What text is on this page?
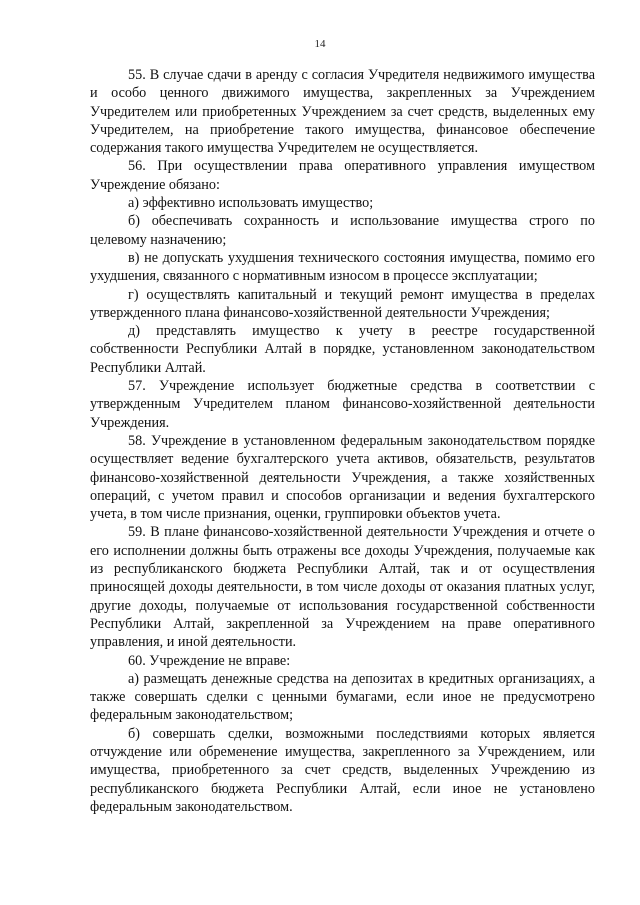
14

55. В случае сдачи в аренду с согласия Учредителя недвижимого имущества и особо ценного движимого имущества, закрепленных за Учреждением Учредителем или приобретенных Учреждением за счет средств, выделенных ему Учредителем, на приобретение такого имущества, финансовое обеспечение содержания такого имущества Учредителем не осуществляется.

56. При осуществлении права оперативного управления имуществом Учреждение обязано:

а) эффективно использовать имущество;

б) обеспечивать сохранность и использование имущества строго по целевому назначению;

в) не допускать ухудшения технического состояния имущества, помимо его ухудшения, связанного с нормативным износом в процессе эксплуатации;

г) осуществлять капитальный и текущий ремонт имущества в пределах утвержденного плана финансово-хозяйственной деятельности Учреждения;

д) представлять имущество к учету в реестре государственной собственности Республики Алтай в порядке, установленном законодательством Республики Алтай.

57. Учреждение использует бюджетные средства в соответствии с утвержденным Учредителем планом финансово-хозяйственной деятельности Учреждения.

58. Учреждение в установленном федеральным законодательством порядке осуществляет ведение бухгалтерского учета активов, обязательств, результатов финансово-хозяйственной деятельности Учреждения, а также хозяйственных операций, с учетом правил и способов организации и ведения бухгалтерского учета, в том числе признания, оценки, группировки объектов учета.

59. В плане финансово-хозяйственной деятельности Учреждения и отчете о его исполнении должны быть отражены все доходы Учреждения, получаемые как из республиканского бюджета Республики Алтай, так и от осуществления приносящей доходы деятельности, в том числе доходы от оказания платных услуг, другие доходы, получаемые от использования государственной собственности Республики Алтай, закрепленной за Учреждением на праве оперативного управления, и иной деятельности.

60. Учреждение не вправе:

а) размещать денежные средства на депозитах в кредитных организациях, а также совершать сделки с ценными бумагами, если иное не предусмотрено федеральным законодательством;

б) совершать сделки, возможными последствиями которых является отчуждение или обременение имущества, закрепленного за Учреждением, или имущества, приобретенного за счет средств, выделенных Учреждению из республиканского бюджета Республики Алтай, если иное не установлено федеральным законодательством.
